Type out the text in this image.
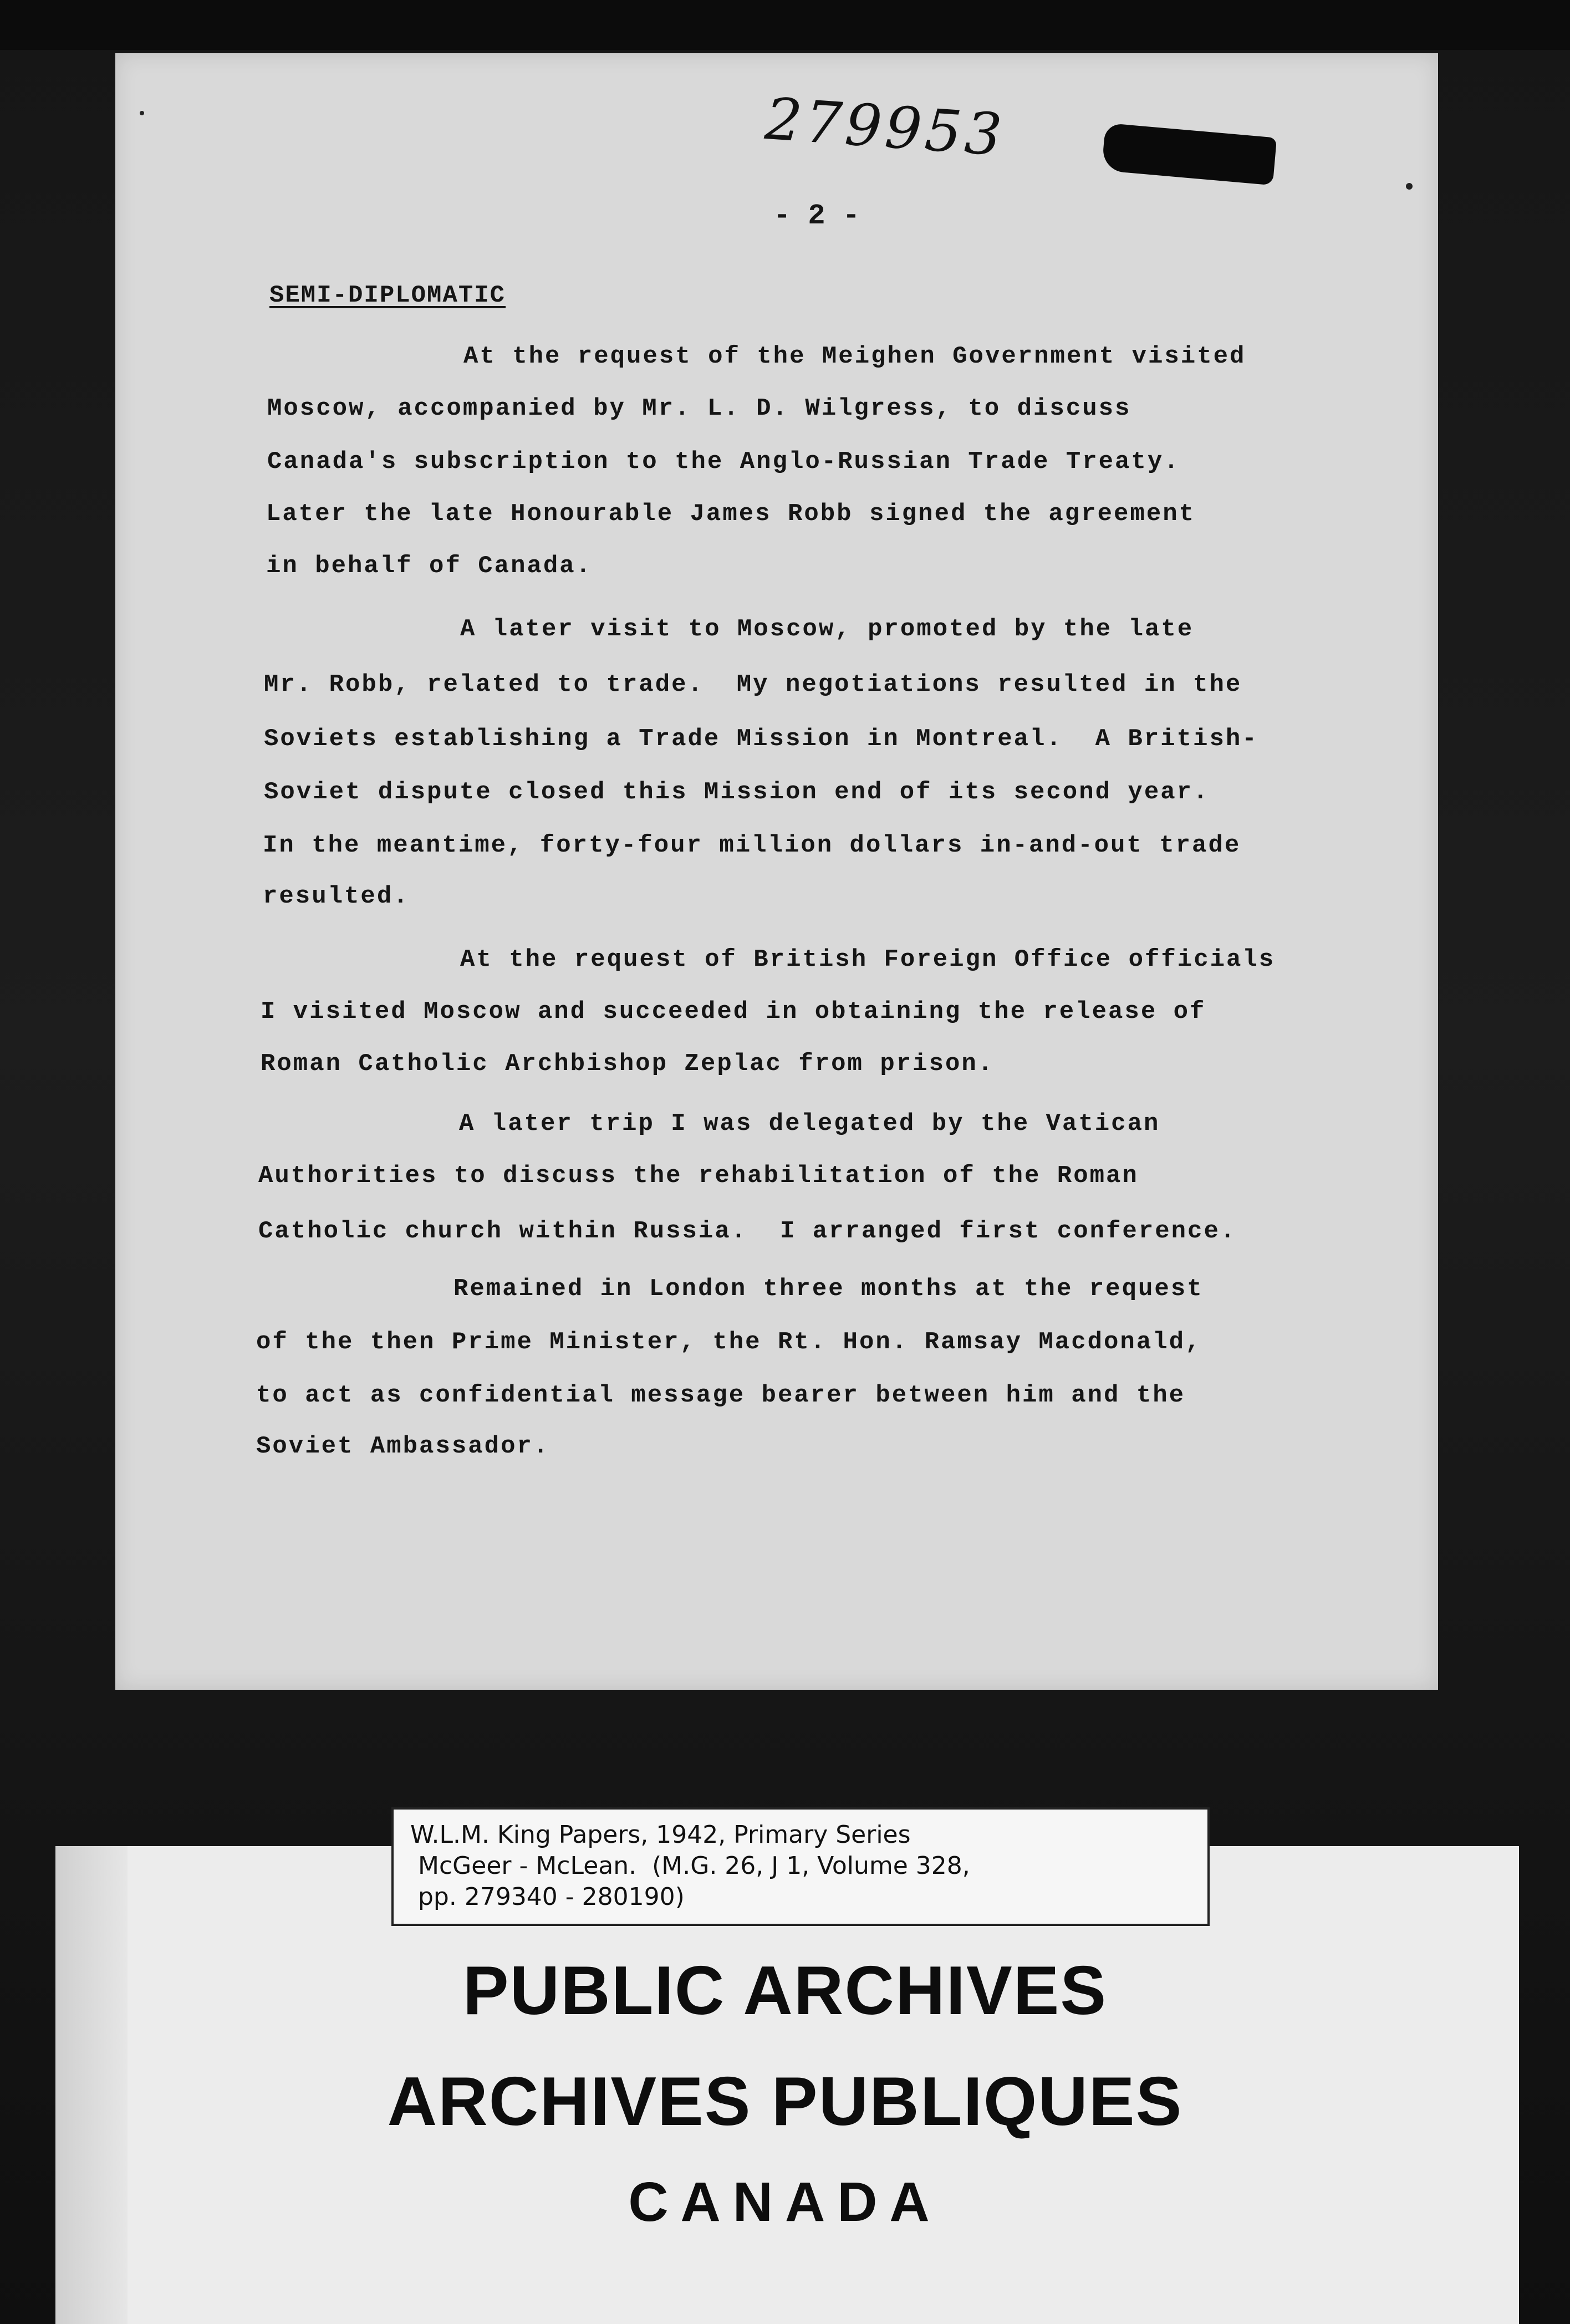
279953
- 2 -
SEMI-DIPLOMATIC
At the request of the Meighen Government visited
Moscow, accompanied by Mr. L. D. Wilgress, to discuss
Canada's subscription to the Anglo-Russian Trade Treaty.
Later the late Honourable James Robb signed the agreement
in behalf of Canada.
A later visit to Moscow, promoted by the late
Mr. Robb, related to trade.  My negotiations resulted in the
Soviets establishing a Trade Mission in Montreal.  A British-
Soviet dispute closed this Mission end of its second year.
In the meantime, forty-four million dollars in-and-out trade
resulted.
At the request of British Foreign Office officials
I visited Moscow and succeeded in obtaining the release of
Roman Catholic Archbishop Zeplac from prison.
A later trip I was delegated by the Vatican
Authorities to discuss the rehabilitation of the Roman
Catholic church within Russia.  I arranged first conference.
Remained in London three months at the request
of the then Prime Minister, the Rt. Hon. Ramsay Macdonald,
to act as confidential message bearer between him and the
Soviet Ambassador.
W.L.M. King Papers, 1942, Primary Series
McGeer - McLean.  (M.G. 26, J 1, Volume 328,
pp. 279340 - 280190)
PUBLIC ARCHIVES
ARCHIVES PUBLIQUES
CANADA
